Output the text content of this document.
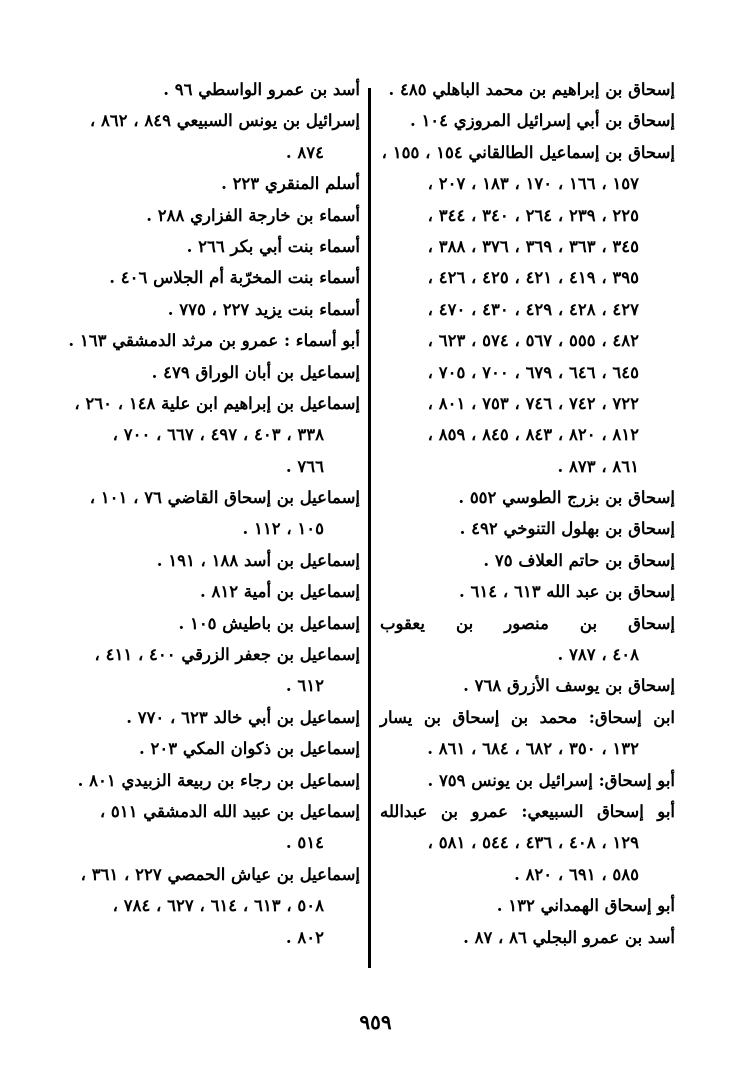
إسحاق بن إبراهيم بن محمد الباهلي ٤٨٥ .
إسحاق بن أبي إسرائيل المروزي ١٠٤ .
إسحاق بن إسماعيل الطالقاني ١٥٤ ، ١٥٥ ،
١٥٧ ، ١٦٦ ، ١٧٠ ، ١٨٣ ، ٢٠٧ ،
٢٢٥ ، ٢٣٩ ، ٢٦٤ ، ٣٤٠ ، ٣٤٤ ،
٣٤٥ ، ٣٦٣ ، ٣٦٩ ، ٣٧٦ ، ٣٨٨ ،
٣٩٥ ، ٤١٩ ، ٤٢١ ، ٤٢٥ ، ٤٢٦ ،
٤٢٧ ، ٤٢٨ ، ٤٢٩ ، ٤٣٠ ، ٤٧٠ ،
٤٨٢ ، ٥٥٥ ، ٥٦٧ ، ٥٧٤ ، ٦٢٣ ،
٦٤٥ ، ٦٤٦ ، ٦٧٩ ، ٧٠٠ ، ٧٠٥ ،
٧٢٢ ، ٧٤٢ ، ٧٤٦ ، ٧٥٣ ، ٨٠١ ،
٨١٢ ، ٨٢٠ ، ٨٤٣ ، ٨٤٥ ، ٨٥٩ ،
٨٦١ ، ٨٧٣ .
إسحاق بن بزرج الطوسي ٥٥٢ .
إسحاق بن بهلول التنوخي ٤٩٢ .
إسحاق بن حاتم العلاف ٧٥ .
إسحاق بن عبد الله ٦١٣ ، ٦١٤ .
إسحاق بن منصور بن يعقوب
٤٠٨ ، ٧٨٧ .
إسحاق بن يوسف الأزرق ٧٦٨ .
ابن إسحاق: محمد بن إسحاق بن يسار
١٣٢ ، ٣٥٠ ، ٦٨٢ ، ٦٨٤ ، ٨٦١ .
أبو إسحاق: إسرائيل بن يونس ٧٥٩ .
أبو إسحاق السبيعي: عمرو بن عبدالله
١٢٩ ، ٤٠٨ ، ٤٣٦ ، ٥٤٤ ، ٥٨١ ،
٥٨٥ ، ٦٩١ ، ٨٢٠ .
أبو إسحاق الهمداني ١٣٢ .
أسد بن عمرو البجلي ٨٦ ، ٨٧ .
أسد بن عمرو الواسطي ٩٦ .
إسرائيل بن يونس السبيعي ٨٤٩ ، ٨٦٢ ،
٨٧٤ .
أسلم المنقري ٢٢٣ .
أسماء بن خارجة الفزاري ٢٨٨ .
أسماء بنت أبي بكر ٢٦٦ .
أسماء بنت المخرّبة أم الجلاس ٤٠٦ .
أسماء بنت يزيد ٢٢٧ ، ٧٧٥ .
أبو أسماء : عمرو بن مرثد الدمشقي ١٦٣ .
إسماعيل بن أبان الوراق ٤٧٩ .
إسماعيل بن إبراهيم ابن علية ١٤٨ ، ٢٦٠ ،
٣٣٨ ، ٤٠٣ ، ٤٩٧ ، ٦٦٧ ، ٧٠٠ ،
٧٦٦ .
إسماعيل بن إسحاق القاضي ٧٦ ، ١٠١ ،
١٠٥ ، ١١٢ .
إسماعيل بن أسد ١٨٨ ، ١٩١ .
إسماعيل بن أمية ٨١٢ .
إسماعيل بن باطيش ١٠٥ .
إسماعيل بن جعفر الزرقي ٤٠٠ ، ٤١١ ،
٦١٢ .
إسماعيل بن أبي خالد ٦٢٣ ، ٧٧٠ .
إسماعيل بن ذكوان المكي ٢٠٣ .
إسماعيل بن رجاء بن ربيعة الزبيدي ٨٠١ .
إسماعيل بن عبيد الله الدمشقي ٥١١ ،
٥١٤ .
إسماعيل بن عياش الحمصي ٢٢٧ ، ٣٦١ ،
٥٠٨ ، ٦١٣ ، ٦١٤ ، ٦٢٧ ، ٧٨٤ ،
٨٠٢ .
٩٥٩
